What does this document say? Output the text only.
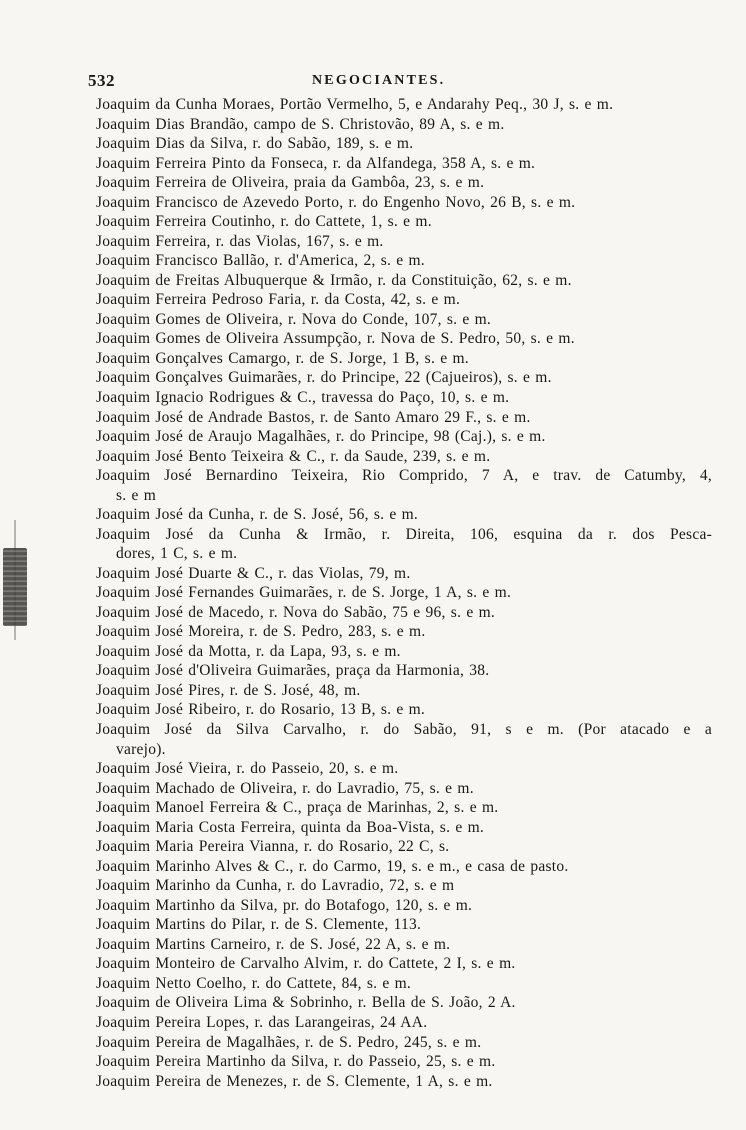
532	NEGOCIANTES.
Joaquim da Cunha Moraes, Portão Vermelho, 5, e Andarahy Peq., 30 J, s. e m.
Joaquim Dias Brandão, campo de S. Christovão, 89 A, s. e m.
Joaquim Dias da Silva, r. do Sabão, 189, s. e m.
Joaquim Ferreira Pinto da Fonseca, r. da Alfandega, 358 A, s. e m.
Joaquim Ferreira de Oliveira, praia da Gambôa, 23, s. e m.
Joaquim Francisco de Azevedo Porto, r. do Engenho Novo, 26 B, s. e m.
Joaquim Ferreira Coutinho, r. do Cattete, 1, s. e m.
Joaquim Ferreira, r. das Violas, 167, s. e m.
Joaquim Francisco Ballão, r. d'America, 2, s. e m.
Joaquim de Freitas Albuquerque & Irmão, r. da Constituição, 62, s. e m.
Joaquim Ferreira Pedroso Faria, r. da Costa, 42, s. e m.
Joaquim Gomes de Oliveira, r. Nova do Conde, 107, s. e m.
Joaquim Gomes de Oliveira Assumpção, r. Nova de S. Pedro, 50, s. e m.
Joaquim Gonçalves Camargo, r. de S. Jorge, 1 B, s. e m.
Joaquim Gonçalves Guimarães, r. do Principe, 22 (Cajueiros), s. e m.
Joaquim Ignacio Rodrigues & C., travessa do Paço, 10, s. e m.
Joaquim José de Andrade Bastos, r. de Santo Amaro 29 F., s. e m.
Joaquim José de Araujo Magalhães, r. do Principe, 98 (Caj.), s. e m.
Joaquim José Bento Teixeira & C., r. da Saude, 239, s. e m.
Joaquim José Bernardino Teixeira, Rio Comprido, 7 A, e trav. de Catumby, 4,
s. e m
Joaquim José da Cunha, r. de S. José, 56, s. e m.
Joaquim José da Cunha & Irmão, r. Direita, 106, esquina da r. dos Pesca-
dores, 1 C, s. e m.
Joaquim José Duarte & C., r. das Violas, 79, m.
Joaquim José Fernandes Guimarães, r. de S. Jorge, 1 A, s. e m.
Joaquim José de Macedo, r. Nova do Sabão, 75 e 96, s. e m.
Joaquim José Moreira, r. de S. Pedro, 283, s. e m.
Joaquim José da Motta, r. da Lapa, 93, s. e m.
Joaquim José d'Oliveira Guimarães, praça da Harmonia, 38.
Joaquim José Pires, r. de S. José, 48, m.
Joaquim José Ribeiro, r. do Rosario, 13 B, s. e m.
Joaquim José da Silva Carvalho, r. do Sabão, 91, s e m. (Por atacado e a
varejo).
Joaquim José Vieira, r. do Passeio, 20, s. e m.
Joaquim Machado de Oliveira, r. do Lavradio, 75, s. e m.
Joaquim Manoel Ferreira & C., praça de Marinhas, 2, s. e m.
Joaquim Maria Costa Ferreira, quinta da Boa-Vista, s. e m.
Joaquim Maria Pereira Vianna, r. do Rosario, 22 C, s.
Joaquim Marinho Alves & C., r. do Carmo, 19, s. e m., e casa de pasto.
Joaquim Marinho da Cunha, r. do Lavradio, 72, s. e m
Joaquim Martinho da Silva, pr. do Botafogo, 120, s. e m.
Joaquim Martins do Pilar, r. de S. Clemente, 113.
Joaquim Martins Carneiro, r. de S. José, 22 A, s. e m.
Joaquim Monteiro de Carvalho Alvim, r. do Cattete, 2 I, s. e m.
Joaquim Netto Coelho, r. do Cattete, 84, s. e m.
Joaquim de Oliveira Lima & Sobrinho, r. Bella de S. João, 2 A.
Joaquim Pereira Lopes, r. das Larangeiras, 24 AA.
Joaquim Pereira de Magalhães, r. de S. Pedro, 245, s. e m.
Joaquim Pereira Martinho da Silva, r. do Passeio, 25, s. e m.
Joaquim Pereira de Menezes, r. de S. Clemente, 1 A, s. e m.
